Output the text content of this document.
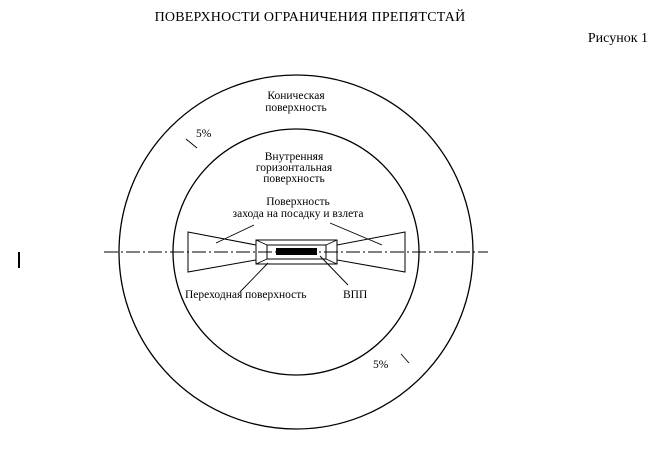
ПОВЕРХНОСТИ ОГРАНИЧЕНИЯ ПРЕПЯТСТАЙ
Рисунок 1
Коническая
поверхность
5%
Внутренняя
горизонтальная
поверхность
Поверхность
захода на посадку и взлета
Переходная поверхность	ВПП
5%
